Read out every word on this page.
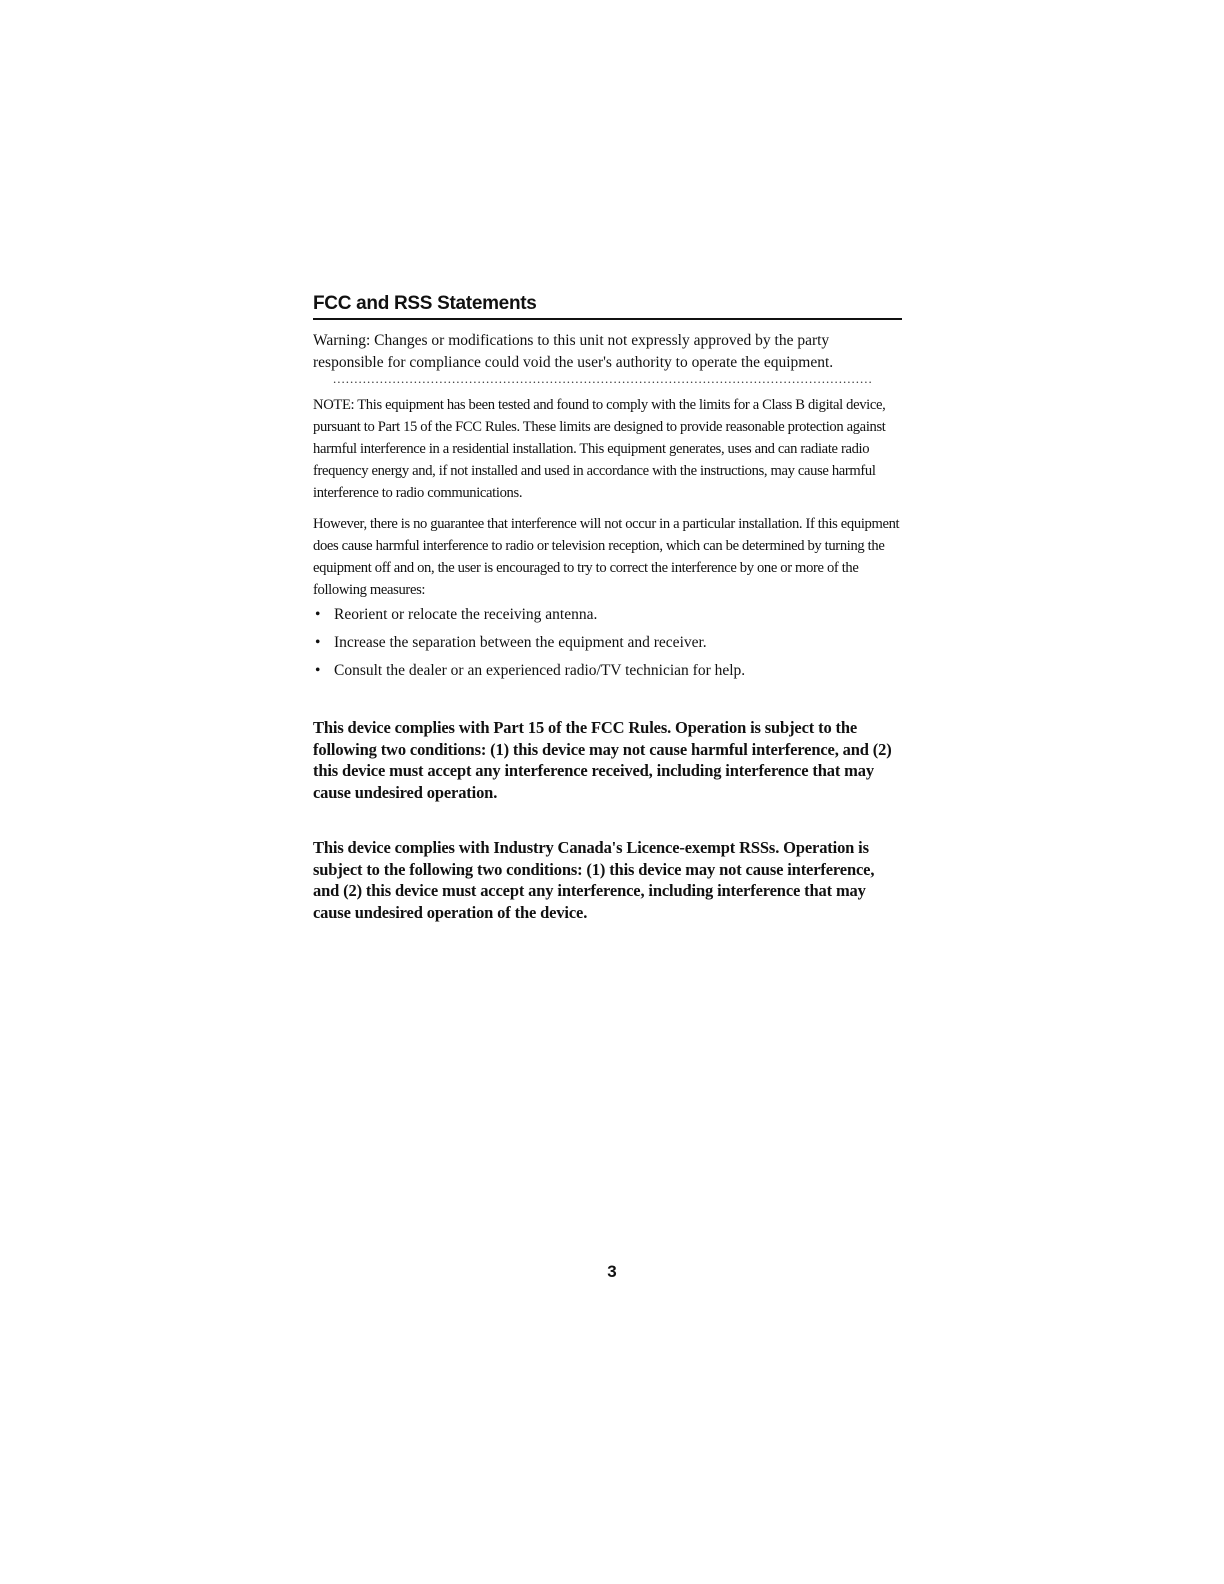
FCC and RSS Statements

Warning: Changes or modifications to this unit not expressly approved by the party responsible for compliance could void the user's authority to operate the equipment.

...............................................................................................................................

NOTE: This equipment has been tested and found to comply with the limits for a Class B digital device, pursuant to Part 15 of the FCC Rules. These limits are designed to provide reasonable protection against harmful interference in a residential installation. This equipment generates, uses and can radiate radio frequency energy and, if not installed and used in accordance with the instructions, may cause harmful interference to radio communications.

However, there is no guarantee that interference will not occur in a particular installation. If this equipment does cause harmful interference to radio or television reception, which can be determined by turning the equipment off and on, the user is encouraged to try to correct the interference by one or more of the following measures:

• Reorient or relocate the receiving antenna.
• Increase the separation between the equipment and receiver.
• Consult the dealer or an experienced radio/TV technician for help.

This device complies with Part 15 of the FCC Rules. Operation is subject to the following two conditions: (1) this device may not cause harmful interference, and (2) this device must accept any interference received, including interference that may cause undesired operation.

This device complies with Industry Canada's Licence-exempt RSSs. Operation is subject to the following two conditions: (1) this device may not cause interference, and (2) this device must accept any interference, including interference that may cause undesired operation of the device.

3
